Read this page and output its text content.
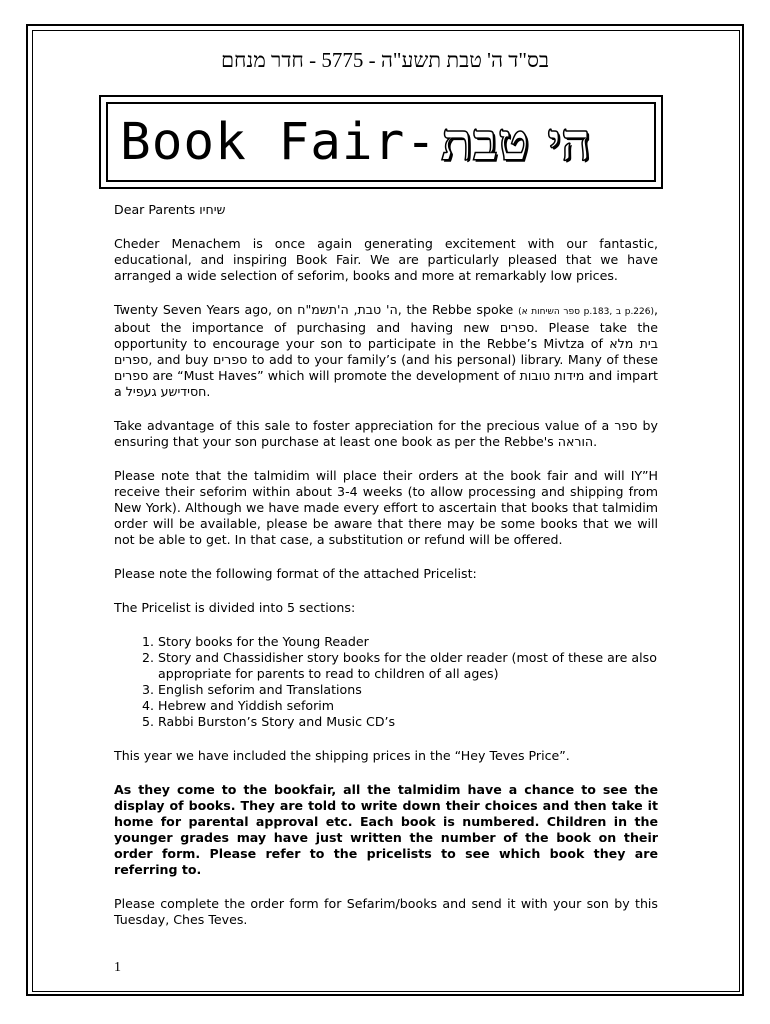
בס"ד ה' טבת תשע"ה - 5775 - חדר מנחם
Book Fair- הי טבת

Dear Parents שיחיו

Cheder Menachem is once again generating excitement with our fantastic, educational, and inspiring Book Fair. We are particularly pleased that we have arranged a wide selection of seforim, books and more at remarkably low prices.

Twenty Seven Years ago, on ה' טבת, ה'תשמ"ח, the Rebbe spoke (ספר השיחות א p.183, ב p.226), about the importance of purchasing and having new ספרים. Please take the opportunity to encourage your son to participate in the Rebbe’s Mivtza of בית מלא ספרים, and buy ספרים to add to your family’s (and his personal) library. Many of these ספרים are “Must Haves” which will promote the development of מידות טובות and impart a חסידישע געפיל.

Take advantage of this sale to foster appreciation for the precious value of a ספר by ensuring that your son purchase at least one book as per the Rebbe's הוראה.

Please note that the talmidim will place their orders at the book fair and will IY”H receive their seforim within about 3-4 weeks (to allow processing and shipping from New York). Although we have made every effort to ascertain that books that talmidim order will be available, please be aware that there may be some books that we will not be able to get. In that case, a substitution or refund will be offered.

Please note the following format of the attached Pricelist:

The Pricelist is divided into 5 sections:

1. Story books for the Young Reader
2. Story and Chassidisher story books for the older reader (most of these are also appropriate for parents to read to children of all ages)
3. English seforim and Translations
4. Hebrew and Yiddish seforim
5. Rabbi Burston’s Story and Music CD’s

This year we have included the shipping prices in the “Hey Teves Price”.

As they come to the bookfair, all the talmidim have a chance to see the display of books. They are told to write down their choices and then take it home for parental approval etc. Each book is numbered. Children in the younger grades may have just written the number of the book on their order form. Please refer to the pricelists to see which book they are referring to.

Please complete the order form for Sefarim/books and send it with your son by this Tuesday, Ches Teves.

1
